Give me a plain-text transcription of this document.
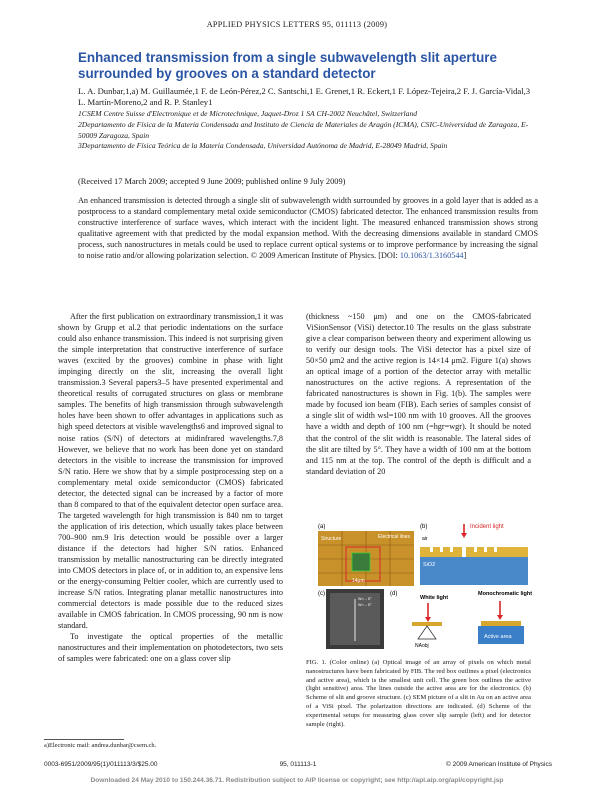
APPLIED PHYSICS LETTERS 95, 011113 (2009)
Enhanced transmission from a single subwavelength slit aperture surrounded by grooves on a standard detector
L. A. Dunbar,1,a) M. Guillaumée,1 F. de León-Pérez,2 C. Santschi,1 E. Grenet,1 R. Eckert,1 F. López-Tejeira,2 F. J. García-Vidal,3 L. Martín-Moreno,2 and R. P. Stanley1
1CSEM Centre Suisse d'Electronique et de Microtechnique, Jaquet-Droz 1 SA CH-2002 Neuchâtel, Switzerland
2Departamento de Física de la Materia Condensada and Instituto de Ciencia de Materiales de Aragón (ICMA), CSIC-Universidad de Zaragoza, E-50009 Zaragoza, Spain
3Departamento de Física Teórica de la Materia Condensada, Universidad Autónoma de Madrid, E-28049 Madrid, Spain
(Received 17 March 2009; accepted 9 June 2009; published online 9 July 2009)
An enhanced transmission is detected through a single slit of subwavelength width surrounded by grooves in a gold layer that is added as a postprocess to a standard complementary metal oxide semiconductor (CMOS) fabricated detector. The enhanced transmission results from constructive interference of surface waves, which interact with the incident light. The measured enhanced transmission shows strong qualitative agreement with that predicted by the modal expansion method. With the decreasing dimensions available in standard CMOS process, such nanostructures in metals could be used to replace current optical systems or to improve performance by increasing the signal to noise ratio and/or allowing polarization selection. © 2009 American Institute of Physics. [DOI: 10.1063/1.3160544]

After the first publication on extraordinary transmission,1 it was shown by Grupp et al.2 that periodic indentations on the surface could also enhance transmission. This indeed is not surprising given the simple interpretation that constructive interference of surface waves (excited by the grooves) combine in phase with light impinging directly on the slit, increasing the overall light transmission.3 Several papers3–5 have presented experimental and theoretical results of corrugated structures on glass or membrane samples. The benefits of high transmission through subwavelength holes have been shown to offer advantages in applications such as high speed detectors at visible wavelengths6 and improved signal to noise ratios (S/N) of detectors at midinfrared wavelengths.7,8 However, we believe that no work has been done yet on standard detectors in the visible to increase the transmission for improved S/N ratio. Here we show that by a simple postprocessing step on a complementary metal oxide semiconductor (CMOS) fabricated detector, the detected signal can be increased by a factor of more than 8 compared to that of the equivalent detector open surface area. The targeted wavelength for high transmission is 840 nm to target the application of iris detection, which usually takes place between 700–900 nm.9 Iris detection would be possible over a larger distance if the detectors had higher S/N ratios. Enhanced transmission by metallic nanostructuring can be directly integrated into CMOS detectors in place of, or in addition to, an expensive lens or the energy-consuming Peltier cooler, which are currently used to increase S/N ratios. Integrating planar metallic nanostructures into commercial detectors is made possible due to the reduced sizes available in CMOS fabrication. In CMOS processing, 90 nm is now standard.

To investigate the optical properties of the metallic nanostructures and their implementation on photodetectors, two sets of samples were fabricated: one on a glass cover slip

(thickness ~150 μm) and one on the CMOS-fabricated ViSionSensor (ViSi) detector.10 The results on the glass substrate give a clear comparison between theory and experiment allowing us to verify our design tools. The ViSi detector has a pixel size of 50×50 μm2 and the active region is 14×14 μm2. Figure 1(a) shows an optical image of a portion of the detector array with metallic nanostructures on the active regions. A representation of the fabricated nanostructures is shown in Fig. 1(b). The samples were made by focused ion beam (FIB). Each series of samples consist of a single slit of width wsl=100 nm with 10 grooves. All the grooves have a width and depth of 100 nm (=hgr=wgr). It should be noted that the control of the slit width is reasonable. The lateral sides of the slit are tilted by 5°. They have a width of 100 nm at the bottom and 115 nm at the top. The control of the depth is difficult and a standard deviation of 20

(a)
Structure	Electrical lines
14μm
(b)	Incident light
air
SiO2
(c)
W=... 5°
W=... 5°
(d)
White light
Monochromatic light
NAobj
Active area
FIG. 1. (Color online) (a) Optical image of an array of pixels on which metal nanostructures have been fabricated by FIB. The red box outlines a pixel (electronics and active area), which is the smallest unit cell. The green box outlines the active (light sensitive) area. The lines outside the active area are for the electronics. (b) Scheme of slit and groove structure. (c) SEM picture of a slit in Au on an active area of a ViSi pixel. The polarization directions are indicated. (d) Scheme of the experimental setups for measuring glass cover slip sample (left) and for detector sample (right).
a)Electronic mail: andrea.dunbar@csem.ch.
0003-6951/2009/95(1)/011113/3/$25.00	95, 011113-1	© 2009 American Institute of Physics
Downloaded 24 May 2010 to 150.244.36.71. Redistribution subject to AIP license or copyright; see http://apl.aip.org/apl/copyright.jsp
